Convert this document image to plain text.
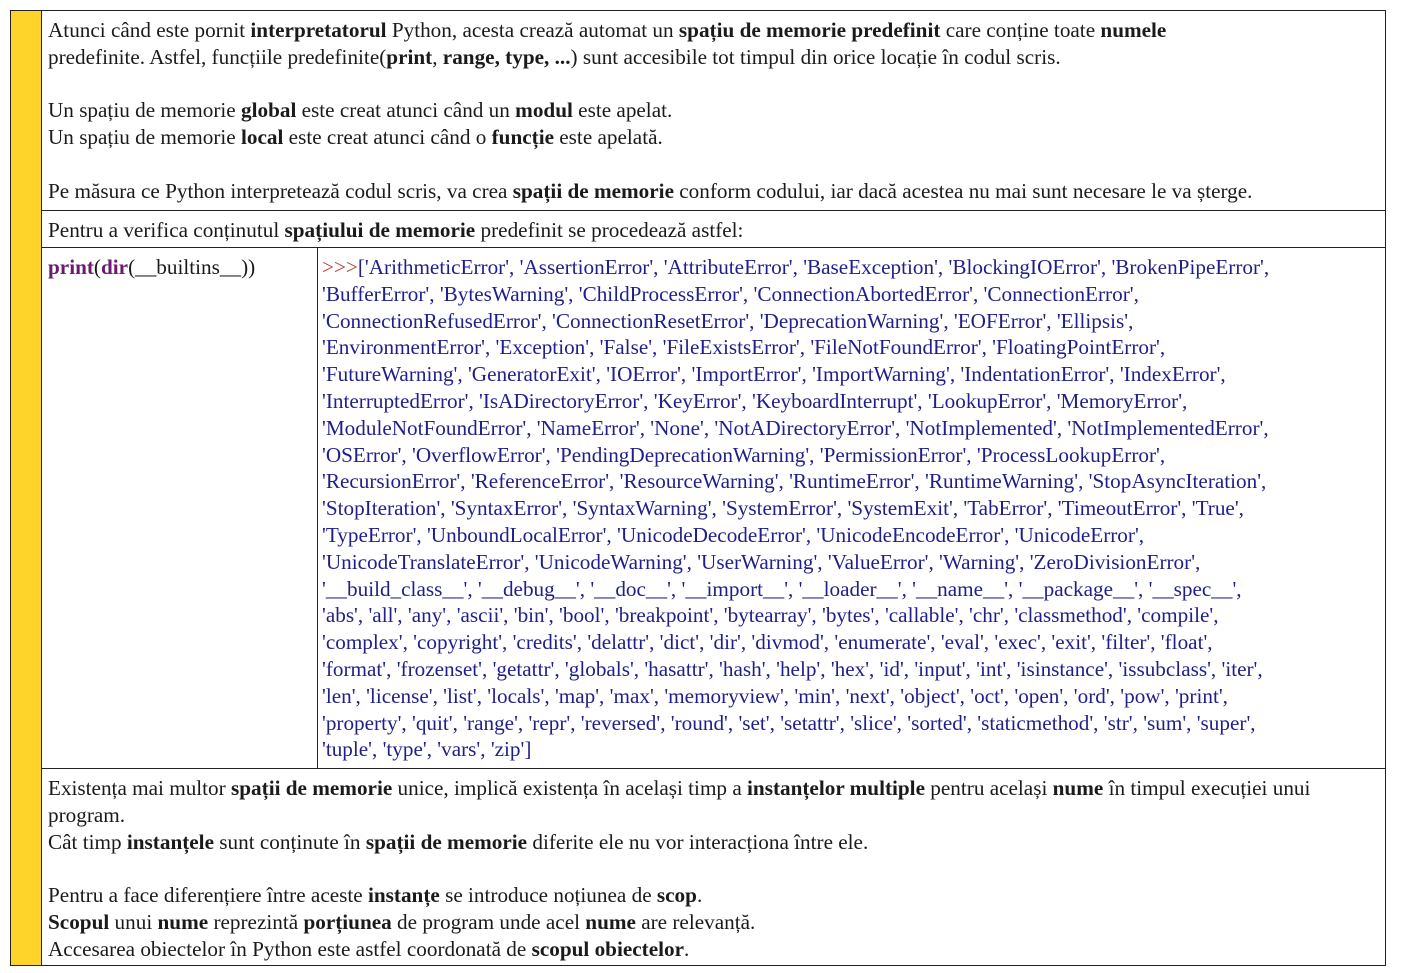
Atunci când este pornit interpretatorul Python, acesta crează automat un spațiu de memorie predefinit care conține toate numele
predefinite. Astfel, funcțiile predefinite(print, range, type, ...) sunt accesibile tot timpul din orice locație în codul scris.
Un spațiu de memorie global este creat atunci când un modul este apelat.
Un spațiu de memorie local este creat atunci când o funcție este apelată.
Pe măsura ce Python interpretează codul scris, va crea spații de memorie conform codului, iar dacă acestea nu mai sunt necesare le va șterge.
Pentru a verifica conținutul spațiului de memorie predefinit se procedează astfel:
print(dir(__builtins__))	>>>['ArithmeticError', 'AssertionError', 'AttributeError', 'BaseException', 'BlockingIOError', 'BrokenPipeError',
'BufferError', 'BytesWarning', 'ChildProcessError', 'ConnectionAbortedError', 'ConnectionError',
'ConnectionRefusedError', 'ConnectionResetError', 'DeprecationWarning', 'EOFError', 'Ellipsis',
'EnvironmentError', 'Exception', 'False', 'FileExistsError', 'FileNotFoundError', 'FloatingPointError',
'FutureWarning', 'GeneratorExit', 'IOError', 'ImportError', 'ImportWarning', 'IndentationError', 'IndexError',
'InterruptedError', 'IsADirectoryError', 'KeyError', 'KeyboardInterrupt', 'LookupError', 'MemoryError',
'ModuleNotFoundError', 'NameError', 'None', 'NotADirectoryError', 'NotImplemented', 'NotImplementedError',
'OSError', 'OverflowError', 'PendingDeprecationWarning', 'PermissionError', 'ProcessLookupError',
'RecursionError', 'ReferenceError', 'ResourceWarning', 'RuntimeError', 'RuntimeWarning', 'StopAsyncIteration',
'StopIteration', 'SyntaxError', 'SyntaxWarning', 'SystemError', 'SystemExit', 'TabError', 'TimeoutError', 'True',
'TypeError', 'UnboundLocalError', 'UnicodeDecodeError', 'UnicodeEncodeError', 'UnicodeError',
'UnicodeTranslateError', 'UnicodeWarning', 'UserWarning', 'ValueError', 'Warning', 'ZeroDivisionError',
'__build_class__', '__debug__', '__doc__', '__import__', '__loader__', '__name__', '__package__', '__spec__',
'abs', 'all', 'any', 'ascii', 'bin', 'bool', 'breakpoint', 'bytearray', 'bytes', 'callable', 'chr', 'classmethod', 'compile',
'complex', 'copyright', 'credits', 'delattr', 'dict', 'dir', 'divmod', 'enumerate', 'eval', 'exec', 'exit', 'filter', 'float',
'format', 'frozenset', 'getattr', 'globals', 'hasattr', 'hash', 'help', 'hex', 'id', 'input', 'int', 'isinstance', 'issubclass', 'iter',
'len', 'license', 'list', 'locals', 'map', 'max', 'memoryview', 'min', 'next', 'object', 'oct', 'open', 'ord', 'pow', 'print',
'property', 'quit', 'range', 'repr', 'reversed', 'round', 'set', 'setattr', 'slice', 'sorted', 'staticmethod', 'str', 'sum', 'super',
'tuple', 'type', 'vars', 'zip']
Existența mai multor spații de memorie unice, implică existența în același timp a instanțelor multiple pentru același nume în timpul execuției unui program.
Cât timp instanțele sunt conținute în spații de memorie diferite ele nu vor interacționa între ele.
Pentru a face diferențiere între aceste instanțe se introduce noțiunea de scop.
Scopul unui nume reprezintă porțiunea de program unde acel nume are relevanță.
Accesarea obiectelor în Python este astfel coordonată de scopul obiectelor.
